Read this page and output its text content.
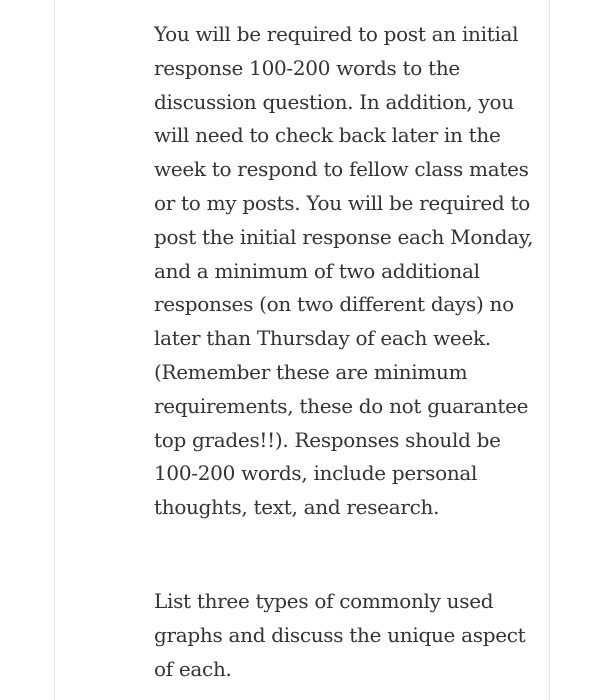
You will be required to post an initial response 100-200 words to the discussion question. In addition, you will need to check back later in the week to respond to fellow class mates or to my posts. You will be required to post the initial response each Monday, and a minimum of two additional responses (on two different days) no later than Thursday of each week. (Remember these are minimum requirements, these do not guarantee top grades!!). Responses should be 100-200 words, include personal thoughts, text, and research.

List three types of commonly used graphs and discuss the unique aspect of each.
